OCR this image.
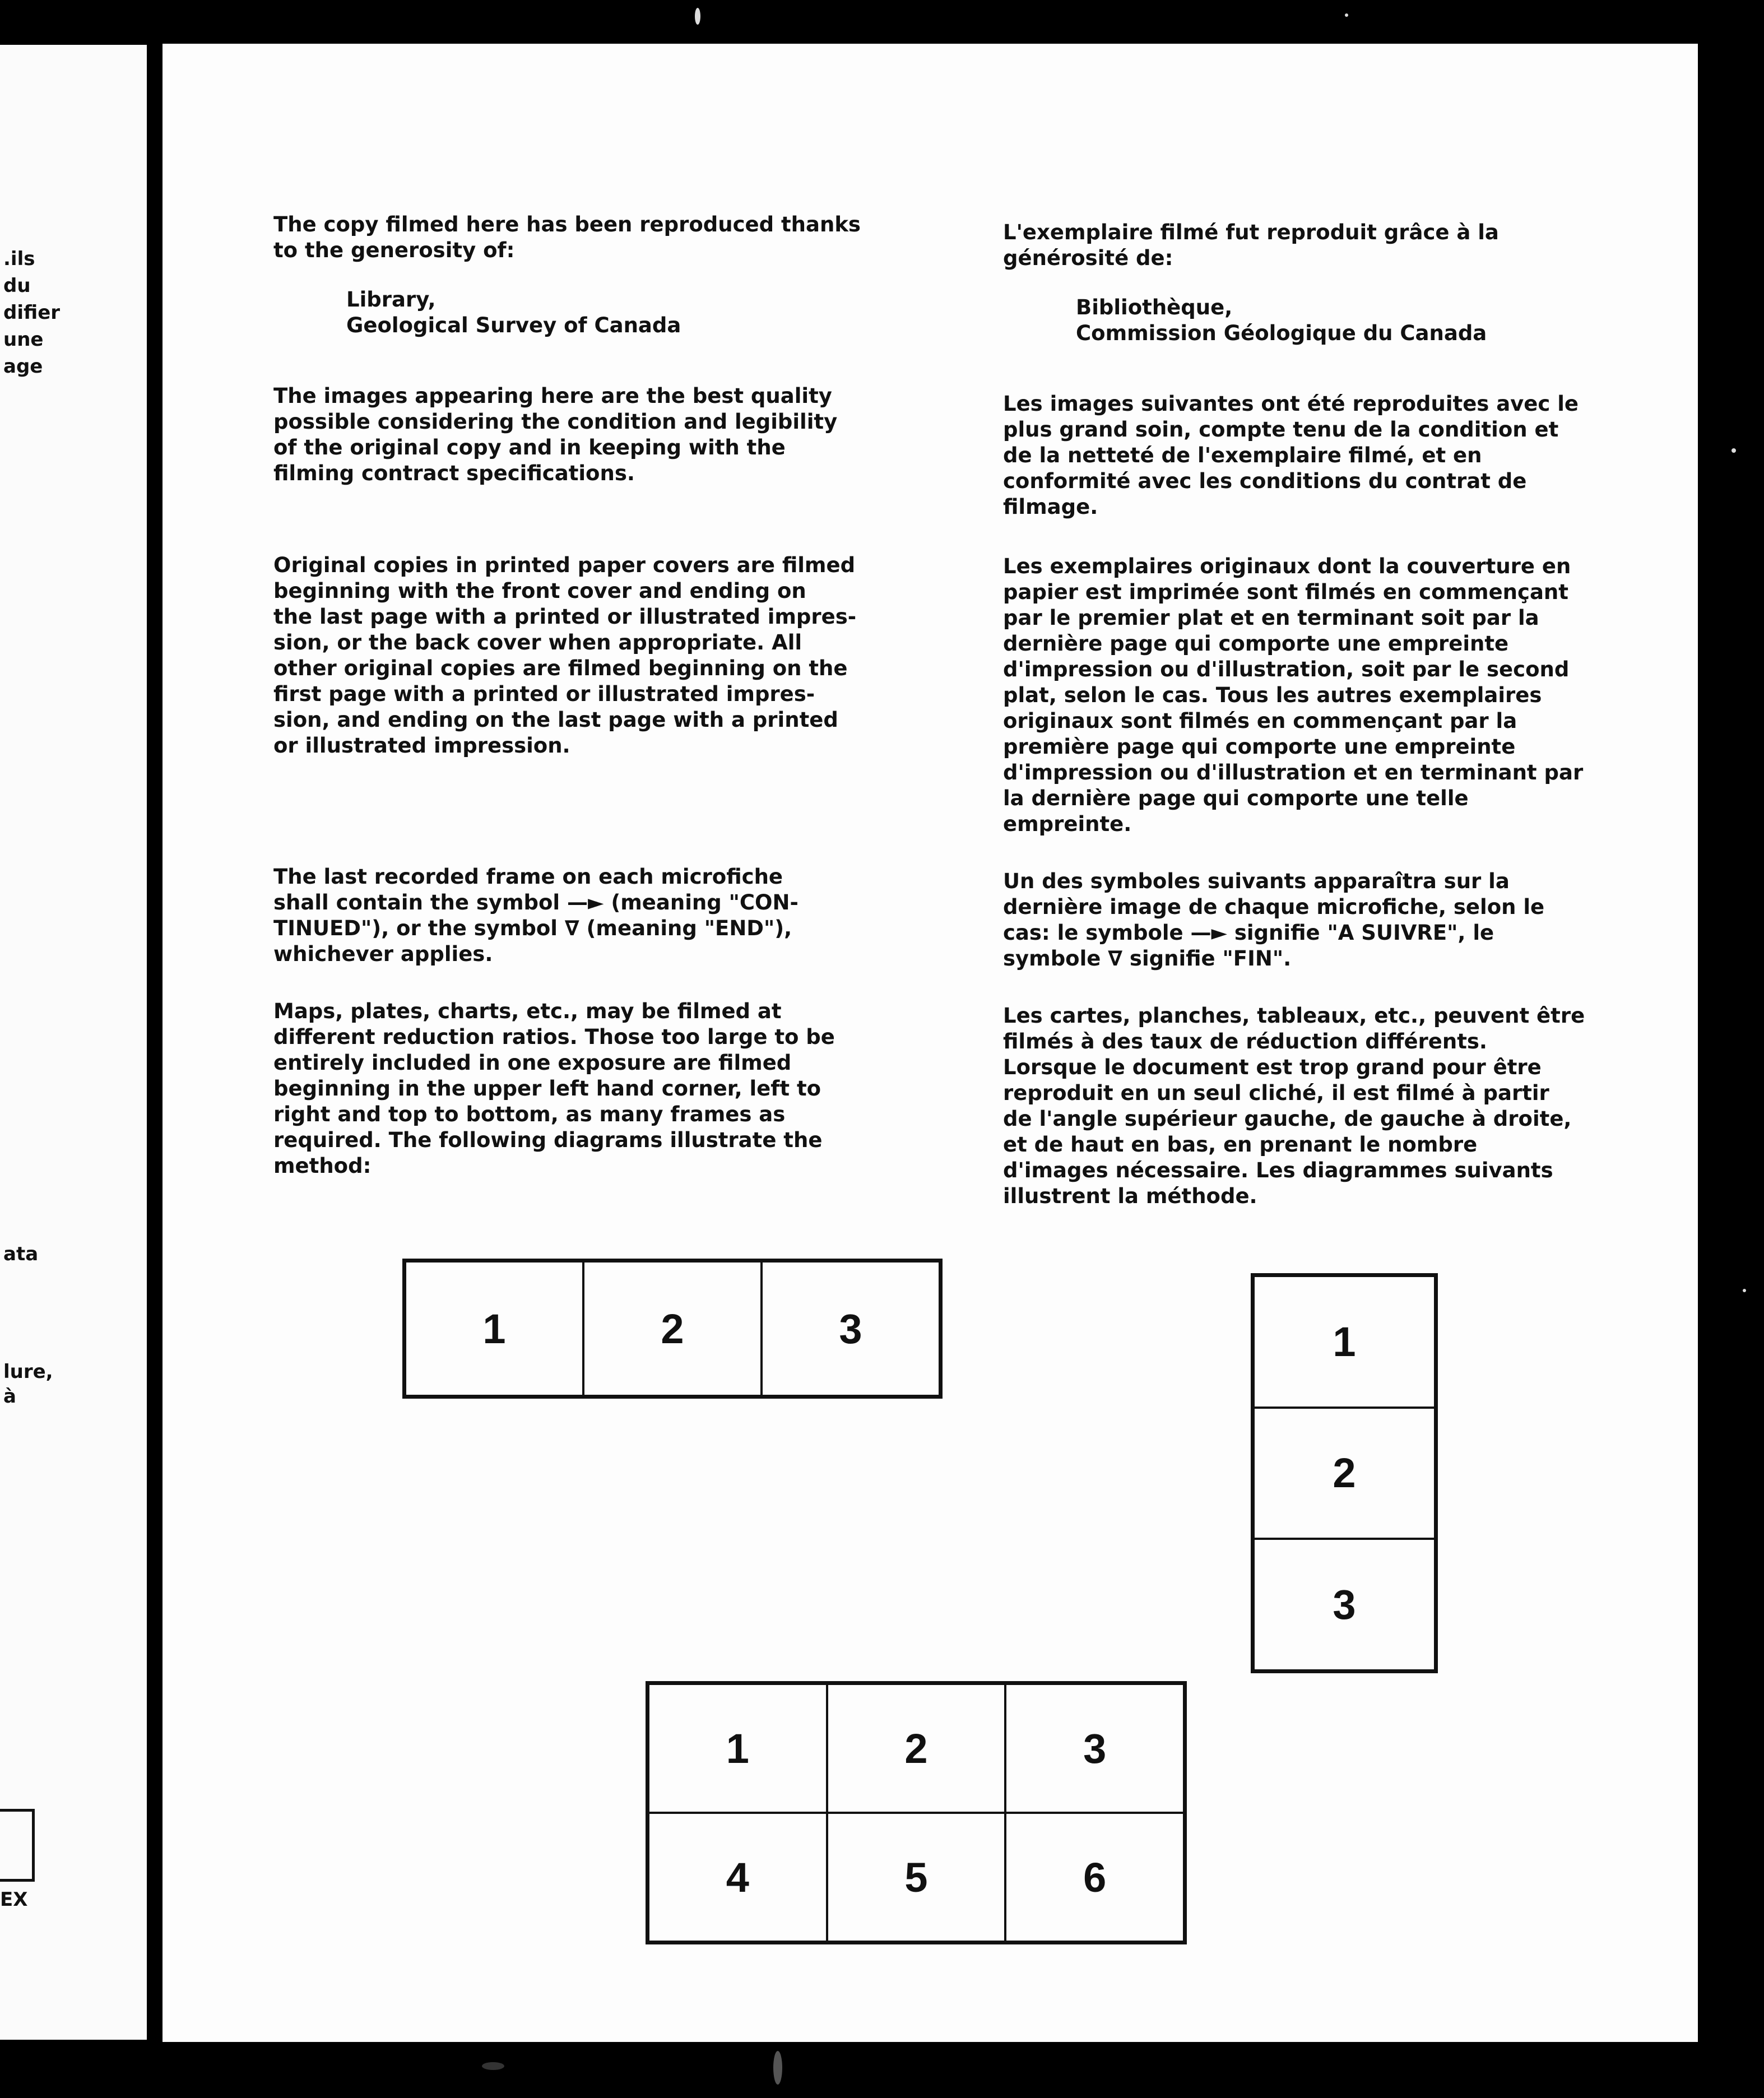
.ils
du
difier
une
age
ata
lure,
à
EX

The copy filmed here has been reproduced thanks
to the generosity of:

Library,
Geological Survey of Canada

The images appearing here are the best quality
possible considering the condition and legibility
of the original copy and in keeping with the
filming contract specifications.

Original copies in printed paper covers are filmed
beginning with the front cover and ending on
the last page with a printed or illustrated impres-
sion, or the back cover when appropriate. All
other original copies are filmed beginning on the
first page with a printed or illustrated impres-
sion, and ending on the last page with a printed
or illustrated impression.

The last recorded frame on each microfiche
shall contain the symbol —► (meaning "CON-
TINUED"), or the symbol ∇ (meaning "END"),
whichever applies.

Maps, plates, charts, etc., may be filmed at
different reduction ratios. Those too large to be
entirely included in one exposure are filmed
beginning in the upper left hand corner, left to
right and top to bottom, as many frames as
required. The following diagrams illustrate the
method:

L'exemplaire filmé fut reproduit grâce à la
générosité de:

Bibliothèque,
Commission Géologique du Canada

Les images suivantes ont été reproduites avec le
plus grand soin, compte tenu de la condition et
de la netteté de l'exemplaire filmé, et en
conformité avec les conditions du contrat de
filmage.

Les exemplaires originaux dont la couverture en
papier est imprimée sont filmés en commençant
par le premier plat et en terminant soit par la
dernière page qui comporte une empreinte
d'impression ou d'illustration, soit par le second
plat, selon le cas. Tous les autres exemplaires
originaux sont filmés en commençant par la
première page qui comporte une empreinte
d'impression ou d'illustration et en terminant par
la dernière page qui comporte une telle
empreinte.

Un des symboles suivants apparaîtra sur la
dernière image de chaque microfiche, selon le
cas: le symbole —► signifie "A SUIVRE", le
symbole ∇ signifie "FIN".

Les cartes, planches, tableaux, etc., peuvent être
filmés à des taux de réduction différents.
Lorsque le document est trop grand pour être
reproduit en un seul cliché, il est filmé à partir
de l'angle supérieur gauche, de gauche à droite,
et de haut en bas, en prenant le nombre
d'images nécessaire. Les diagrammes suivants
illustrent la méthode.

1	2	3	1
2
3
1	2	3
4	5	6
